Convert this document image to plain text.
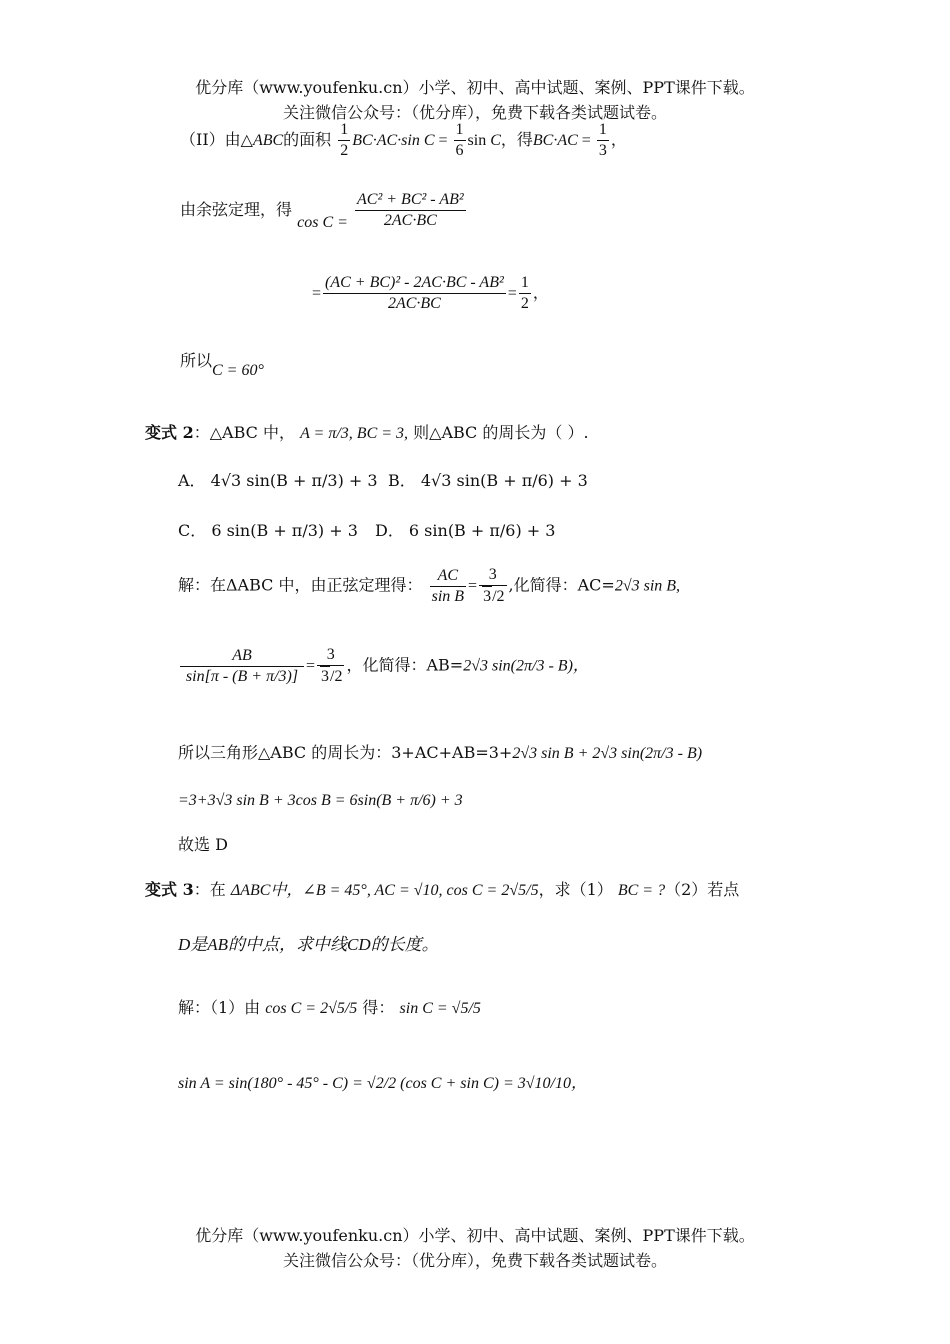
优分库（www.youfenku.cn）小学、初中、高中试题、案例、PPT课件下载。
关注微信公众号：（优分库），免费下载各类试题试卷。
（II）由△ABC的面积 $\frac{1}{2} BC\cdot AC\cdot\sin$ $C = \frac{1}{6}$ sin C，得$BC\cdot AC = \frac{1}{3}$ ，
由余弦定理，得 $\cos C = \frac{\text{AC² + BC² - AB²}}{2AC\cdot BC}$
= $\frac{\text{(AC + BC)² - 2AC·BC - AB²}}{2AC\cdot BC} = \frac{1}{2}$ ，
所以
C = 60°
变式 2：△ABC 中， A = π/3, BC = 3, 则△ABC 的周长为（ ）.
A． 4√3 sin(B + π/3) + 3 B． 4√3 sin(B + π/6) + 3
C． 6 sin(B + π/3) + 3 D． 6 sin(B + π/6) + 3
解：在ΔABC 中，由正弦定理得： $\frac{AC}{\text{sin B}} = \frac{3}{3/2}$ ,化简得：AC=2√3 sin B,
$\frac{AB}{\sin[\pi - (B + \pi/3)]} = \frac{3}{3/2}$ ，化简得：AB=2√3 sin(2π/3 - B)，
所以三角形△ABC 的周长为：3+AC+AB=3+2√3 sin B + 2√3 sin(2π/3 - B)
=3+3√3 sin B + 3cos B = 6sin(B + π/6) + 3
故选 D
变式 3：在 ΔABC中，∠B = 45°, AC = √10, cos C = 2√5/5，求（1） BC = ?（2）若点
D是AB的中点，求中线CD的长度。
解：（1）由 cos C = 2√5/5 得： sin C = √5/5
sin A = sin(180° - 45° - C) = √2/2 (cos C + sin C) = 3√10/10，
优分库（www.youfenku.cn）小学、初中、高中试题、案例、PPT课件下载。
关注微信公众号：（优分库），免费下载各类试题试卷。
